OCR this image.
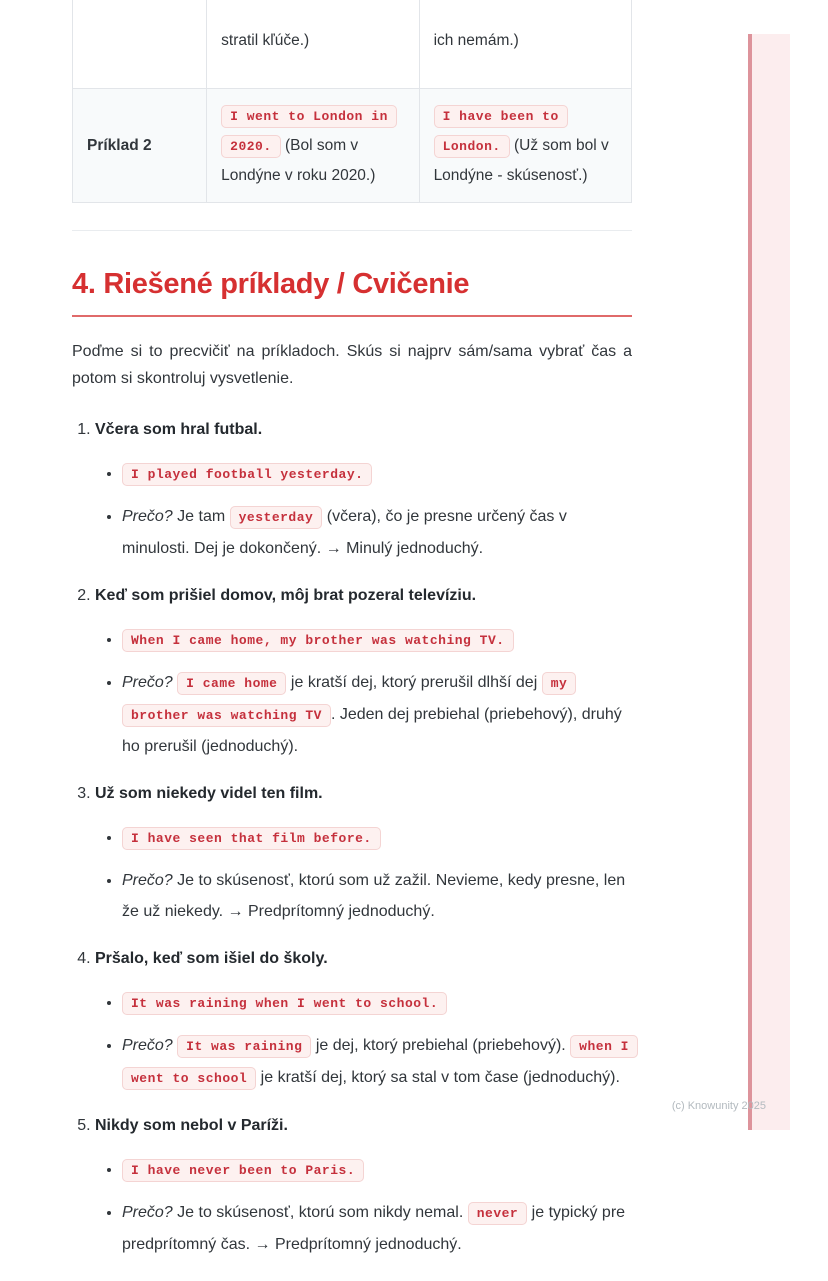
	stratil kľúče.)	ich nemám.)
Príklad 2	I went to London in 2020. (Bol som v Londýne v roku 2020.)	I have been to London. (Už som bol v Londýne - skúsenosť.)
4. Riešené príklady / Cvičenie

Poďme si to precvičiť na príkladoch. Skús si najprv sám/sama vybrať čas a potom si skontroluj vysvetlenie.

1. Včera som hral futbal.
• I played football yesterday.
• Prečo? Je tam yesterday (včera), čo je presne určený čas v minulosti. Dej je dokončený. → Minulý jednoduchý.
2. Keď som prišiel domov, môj brat pozeral televíziu.
• When I came home, my brother was watching TV.
• Prečo? I came home je kratší dej, ktorý prerušil dlhší dej my brother was watching TV . Jeden dej prebiehal (priebehový), druhý ho prerušil (jednoduchý).
3. Už som niekedy videl ten film.
• I have seen that film before.
• Prečo? Je to skúsenosť, ktorú som už zažil. Nevieme, kedy presne, len že už niekedy. → Predprítomný jednoduchý.
4. Pršalo, keď som išiel do školy.
• It was raining when I went to school.
• Prečo? It was raining je dej, ktorý prebiehal (priebehový). when I went to school je kratší dej, ktorý sa stal v tom čase (jednoduchý).
5. Nikdy som nebol v Paríži.
• I have never been to Paris.
• Prečo? Je to skúsenosť, ktorú som nikdy nemal. never je typický pre predprítomný čas. → Predprítomný jednoduchý.
(c) Knowunity 2025
